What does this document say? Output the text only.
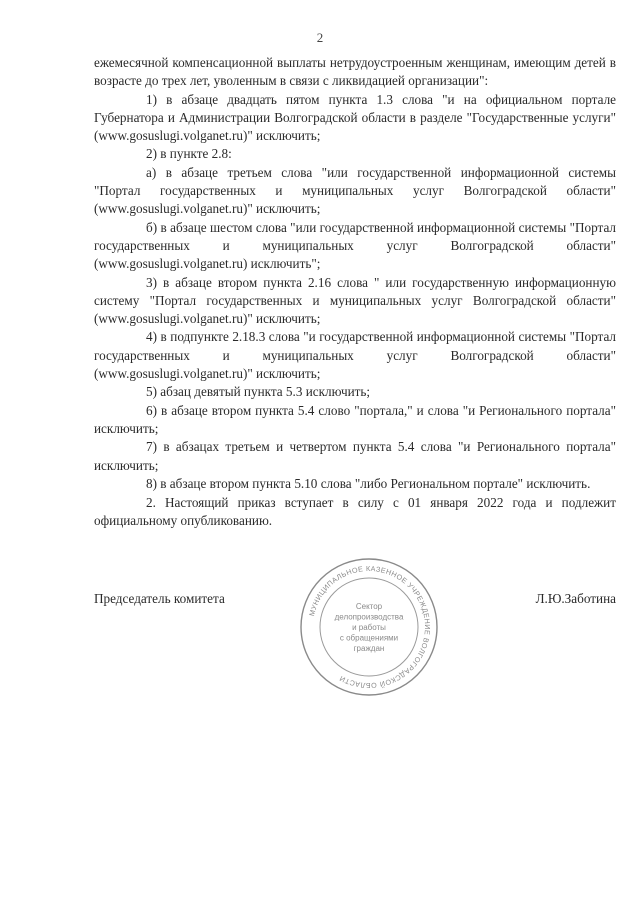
2

ежемесячной компенсационной выплаты нетрудоустроенным женщинам, имеющим детей в возрасте до трех лет, уволенным в связи с ликвидацией организации":

1) в абзаце двадцать пятом пункта 1.3 слова "и на официальном портале Губернатора и Администрации Волгоградской области в разделе "Государственные услуги" (www.gosuslugi.volganet.ru)" исключить;

2) в пункте 2.8:

а) в абзаце третьем слова "или государственной информационной системы "Портал государственных и муниципальных услуг Волгоградской области" (www.gosuslugi.volganet.ru)" исключить;

б) в абзаце шестом слова "или государственной информационной системы "Портал государственных и муниципальных услуг Волгоградской области" (www.gosuslugi.volganet.ru) исключить";

3) в абзаце втором пункта 2.16 слова " или государственную информационную систему "Портал государственных и муниципальных услуг Волгоградской области" (www.gosuslugi.volganet.ru)" исключить;

4) в подпункте 2.18.3 слова "и государственной информационной системы "Портал государственных и муниципальных услуг Волгоградской области" (www.gosuslugi.volganet.ru)" исключить;

5) абзац девятый пункта 5.3 исключить;

6) в абзаце втором пункта 5.4 слово "портала," и слова "и Регионального портала" исключить;

7) в абзацах третьем и четвертом пункта 5.4 слова "и Регионального портала" исключить;

8) в абзаце втором пункта 5.10 слова "либо Региональном портале" исключить.

2. Настоящий приказ вступает в силу с 01 января 2022 года и подлежит официальному опубликованию.

Председатель комитета	Л.Ю.Заботина
МУНИЦИПАЛЬНОЕ КАЗЕННОЕ УЧРЕЖДЕНИЕ ВОЛГОГРАДСКОЙ ОБЛАСТИ
Сектор
делопроизводства
и работы
с обращениями
граждан
